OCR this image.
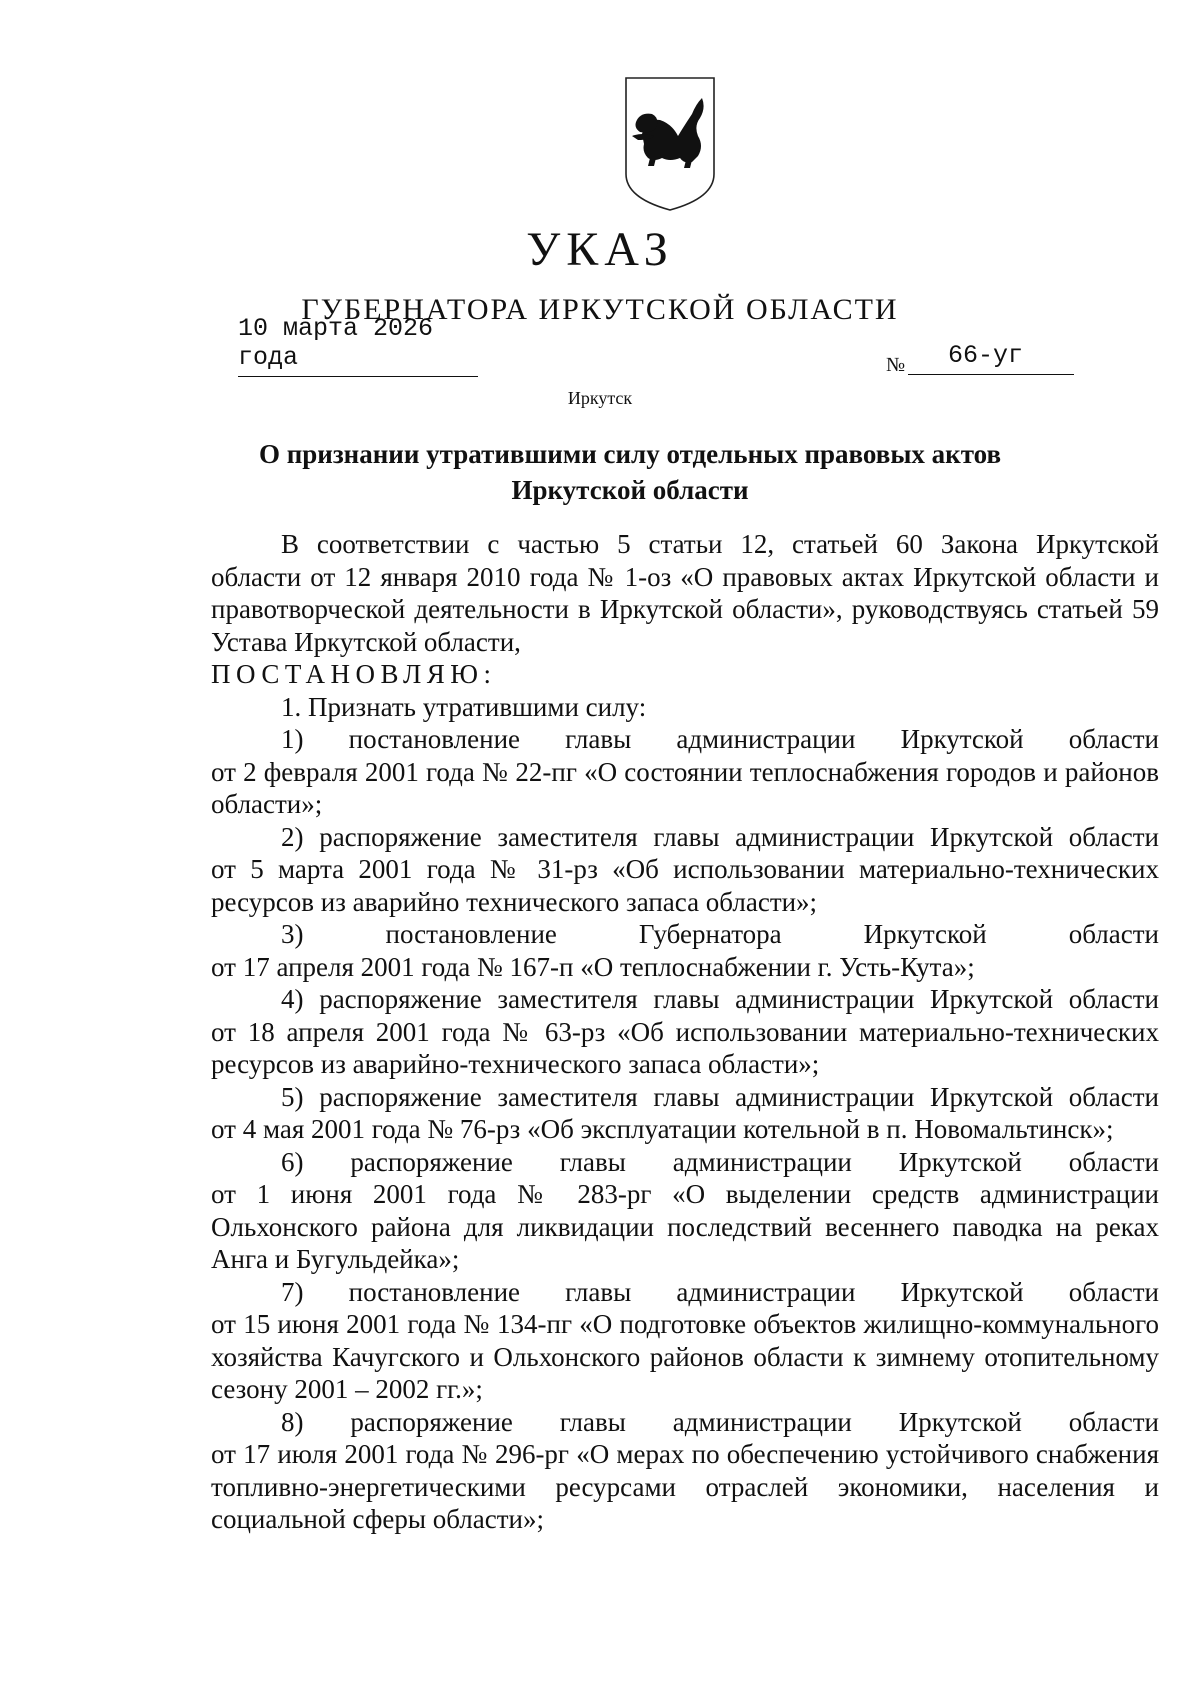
УКАЗ
ГУБЕРНАТОРА ИРКУТСКОЙ ОБЛАСТИ
10 марта 2026 года	№ 66-уг
Иркутск
О признании утратившими силу отдельных правовых актов
Иркутской области

В соответствии с частью 5 статьи 12, статьей 60 Закона Иркутской

области от 12 января 2010 года № 1-оз «О правовых актах Иркутской области и правотворческой деятельности в Иркутской области», руководствуясь статьей 59 Устава Иркутской области,

ПОСТАНОВЛЯЮ:

1. Признать утратившими силу:

1) постановление главы администрации Иркутской области

от 2 февраля 2001 года № 22-пг «О состоянии теплоснабжения городов и районов области»;

2) распоряжение заместителя главы администрации Иркутской области

от 5 марта 2001 года № 31-рз «Об использовании материально-технических ресурсов из аварийно технического запаса области»;

3) постановление Губернатора Иркутской области

от 17 апреля 2001 года № 167-п «О теплоснабжении г. Усть-Кута»;

4) распоряжение заместителя главы администрации Иркутской области

от 18 апреля 2001 года № 63-рз «Об использовании материально-технических ресурсов из аварийно-технического запаса области»;

5) распоряжение заместителя главы администрации Иркутской области

от 4 мая 2001 года № 76-рз «Об эксплуатации котельной в п. Новомальтинск»;

6) распоряжение главы администрации Иркутской области

от 1 июня 2001 года № 283-рг «О выделении средств администрации Ольхонского района для ликвидации последствий весеннего паводка на реках Анга и Бугульдейка»;

7) постановление главы администрации Иркутской области

от 15 июня 2001 года № 134-пг «О подготовке объектов жилищно-коммунального хозяйства Качугского и Ольхонского районов области к зимнему отопительному сезону 2001 – 2002 гг.»;

8) распоряжение главы администрации Иркутской области

от 17 июля 2001 года № 296-рг «О мерах по обеспечению устойчивого снабжения топливно-энергетическими ресурсами отраслей экономики, населения и социальной сферы области»;
